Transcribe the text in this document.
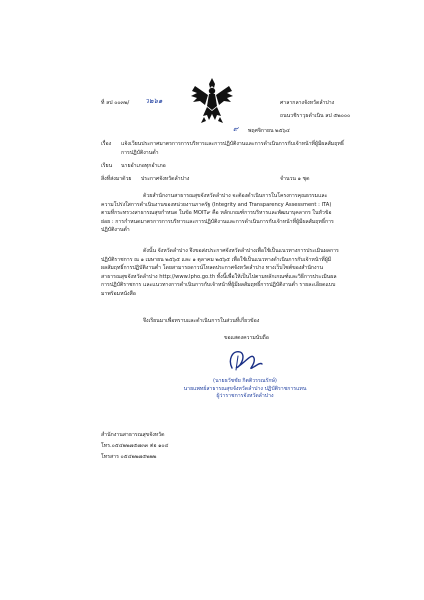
ที่ ลป ๐๐๓๒/ ว๒๖๑	ศาลากลางจังหวัดลำปาง
ถนนวชิราวุธดำเนิน ลป ๕๒๐๐๐
๙ พฤศจิกายน ๒๕๖๔
เรื่อง แจ้งเวียนประกาศมาตรการการบริหารและการปฏิบัติงานและการดำเนินการกับเจ้าหน้าที่ผู้มีผลสัมฤทธิ์
การปฏิบัติงานต่ำ
เรียน นายอำเภอทุกอำเภอ
สิ่งที่ส่งมาด้วย ประกาศจังหวัดลำปาง	จำนวน ๑ ชุด
ด้วยสำนักงานสาธารณสุขจังหวัดลำปาง จะต้องดำเนินการในโครงการคุณธรรมและ
ความโปร่งใสการดำเนินงานของหน่วยงานภาครัฐ (Integrity and Transparency Assessment : ITA)
ตามที่กระทรวงสาธารณสุขกำหนด ในข้อ MOIT๙ คือ หลักเกณฑ์การบริหารและพัฒนาบุคลากร ในหัวข้อ
ย่อย : การกำหนดมาตรการการบริหารและการปฏิบัติงานและการดำเนินการกับเจ้าหน้าที่ผู้มีผลสัมฤทธิ์การ
ปฏิบัติงานต่ำ
ดังนั้น จังหวัดลำปาง จึงขอส่งประกาศจังหวัดลำปางเพื่อใช้เป็นแนวทางการประเมินผลการ
ปฏิบัติราชการ ณ ๑ เมษายน ๒๕๖๕ และ ๑ ตุลาคม ๒๕๖๕ เพื่อใช้เป็นแนวทางดำเนินการกับเจ้าหน้าที่ผู้มี
ผลสัมฤทธิ์การปฏิบัติงานต่ำ โดยสามารถดาวน์โหลดประกาศจังหวัดลำปาง ทางเว็บไซต์ของสำนักงาน
สาธารณสุขจังหวัดลำปาง http://www.lpho.go.th ทั้งนี้เพื่อให้เป็นไปตามหลักเกณฑ์และวิธีการประเมินผล
การปฏิบัติราชการ และแนวทางการดำเนินการกับเจ้าหน้าที่ผู้มีผลสัมฤทธิ์การปฏิบัติงานต่ำ รายละเอียดแบบ
มาพร้อมหนังสือ
จึงเรียนมาเพื่อทราบและดำเนินการในส่วนที่เกี่ยวข้อง
ขอแสดงความนับถือ
(นายธวัชชัย กิตติวรรณรักษ์)
นายแพทย์สาธารณสุขจังหวัดลำปาง ปฏิบัติราชการแทน
ผู้ว่าราชการจังหวัดลำปาง
สำนักงานสาธารณสุขจังหวัด
โทร.๐๕๔๒๒๗๕๗๓๓ ต่อ ๑๐๔
โทรสาร ๐๕๔๒๒๗๕๒๒๒
